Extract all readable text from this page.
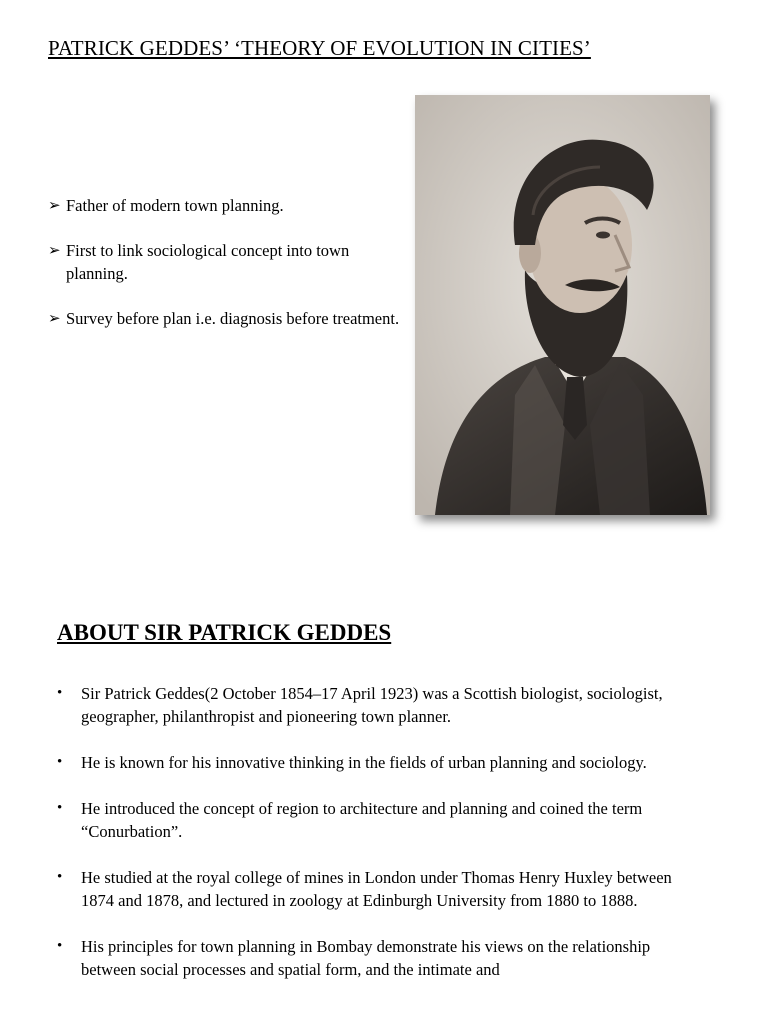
PATRICK GEDDES’ ‘THEORY OF EVOLUTION IN CITIES’
➢ Father of modern town planning.
➢ First to link sociological concept into town planning.
➢ Survey before plan i.e. diagnosis before treatment.
ABOUT SIR PATRICK GEDDES
• Sir Patrick Geddes(2 October 1854–17 April 1923) was a Scottish biologist, sociologist, geographer, philanthropist and pioneering town planner.
• He is known for his innovative thinking in the fields of urban planning and sociology.
• He introduced the concept of region to architecture and planning and coined the term “Conurbation”.
• He studied at the royal college of mines in London under Thomas Henry Huxley between 1874 and 1878, and lectured in zoology at Edinburgh University from 1880 to 1888.
• His principles for town planning in Bombay demonstrate his views on the relationship between social processes and spatial form, and the intimate and
